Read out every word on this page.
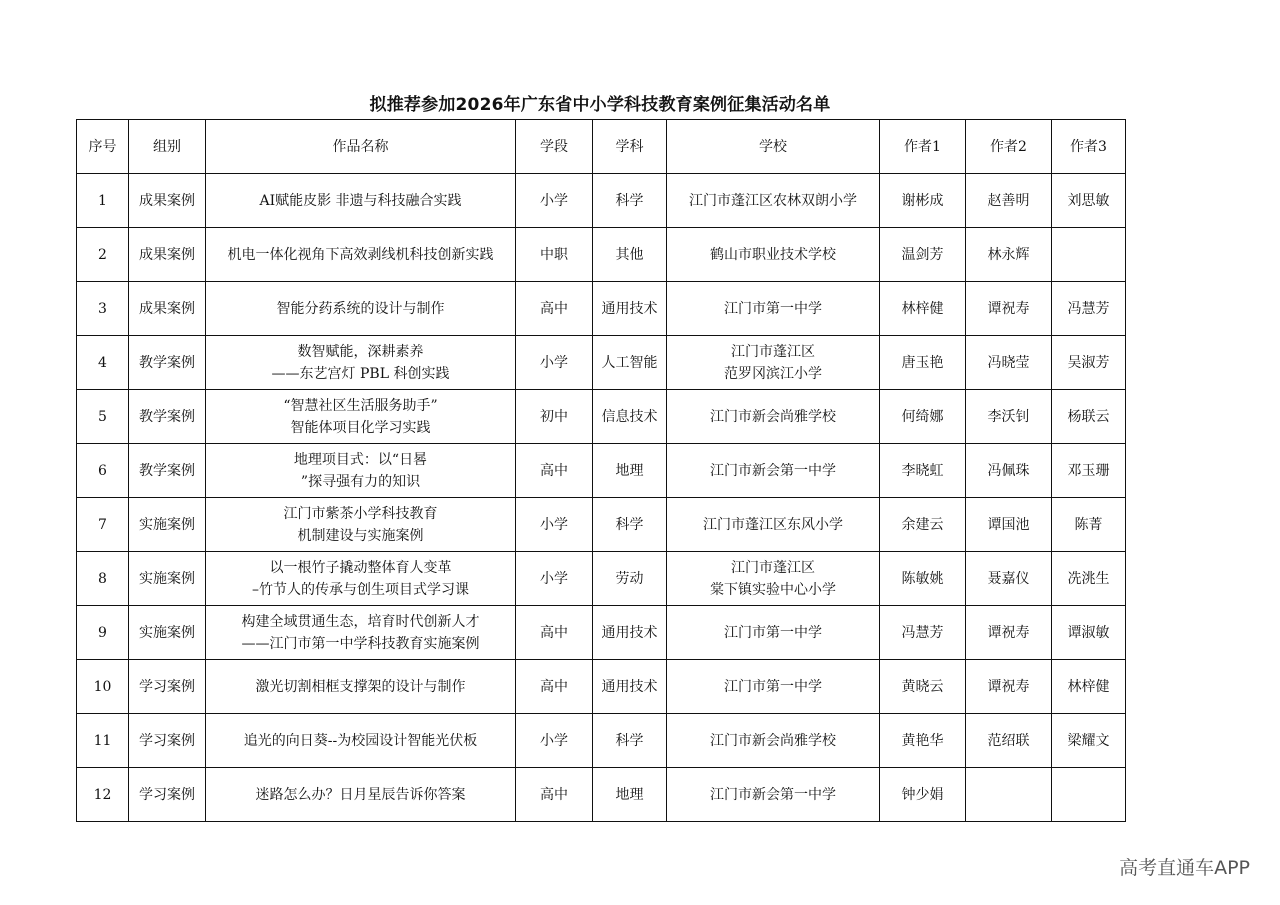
拟推荐参加2026年广东省中小学科技教育案例征集活动名单
序号	组别	作品名称	学段	学科	学校	作者1	作者2	作者3
1	成果案例	AI赋能皮影 非遗与科技融合实践	小学	科学	江门市蓬江区农林双朗小学	谢彬成	赵善明	刘思敏
2	成果案例	机电一体化视角下高效剥线机科技创新实践	中职	其他	鹤山市职业技术学校	温剑芳	林永辉	
3	成果案例	智能分药系统的设计与制作	高中	通用技术	江门市第一中学	林梓健	谭祝寿	冯慧芳
4	教学案例	数智赋能，深耕素养
——东艺宫灯 PBL 科创实践	小学	人工智能	江门市蓬江区
范罗冈滨江小学	唐玉艳	冯晓莹	吴淑芳
5	教学案例	“智慧社区生活服务助手”
智能体项目化学习实践	初中	信息技术	江门市新会尚雅学校	何绮娜	李沃钊	杨联云
6	教学案例	地理项目式：以“日晷
”探寻强有力的知识	高中	地理	江门市新会第一中学	李晓虹	冯佩珠	邓玉珊
7	实施案例	江门市紫茶小学科技教育
机制建设与实施案例	小学	科学	江门市蓬江区东风小学	余建云	谭国池	陈菁
8	实施案例	以一根竹子撬动整体育人变革
–竹节人的传承与创生项目式学习课	小学	劳动	江门市蓬江区
棠下镇实验中心小学	陈敏姚	聂嘉仪	冼洮生
9	实施案例	构建全域贯通生态，培育时代创新人才
——江门市第一中学科技教育实施案例	高中	通用技术	江门市第一中学	冯慧芳	谭祝寿	谭淑敏
10	学习案例	激光切割相框支撑架的设计与制作	高中	通用技术	江门市第一中学	黄晓云	谭祝寿	林梓健
11	学习案例	追光的向日葵--为校园设计智能光伏板	小学	科学	江门市新会尚雅学校	黄艳华	范绍联	梁耀文
12	学习案例	迷路怎么办？日月星辰告诉你答案	高中	地理	江门市新会第一中学	钟少娟		
高考直通车APP
